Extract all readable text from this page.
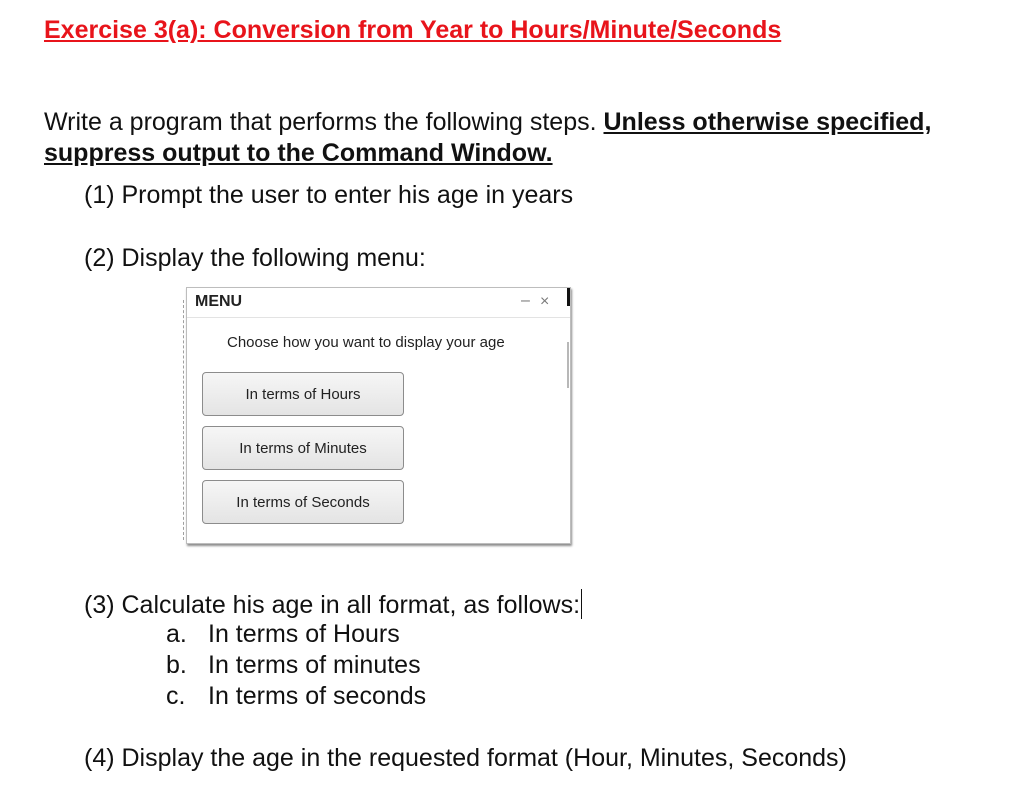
Exercise 3(a): Conversion from Year to Hours/Minute/Seconds
Write a program that performs the following steps. Unless otherwise specified, suppress output to the Command Window.
(1) Prompt the user to enter his age in years
(2) Display the following menu:
MENU	– ×
Choose how you want to display your age
In terms of Hours
In terms of Minutes
In terms of Seconds
(3) Calculate his age in all format, as follows:
a. In terms of Hours
b. In terms of minutes
c. In terms of seconds
(4) Display the age in the requested format (Hour, Minutes, Seconds)
